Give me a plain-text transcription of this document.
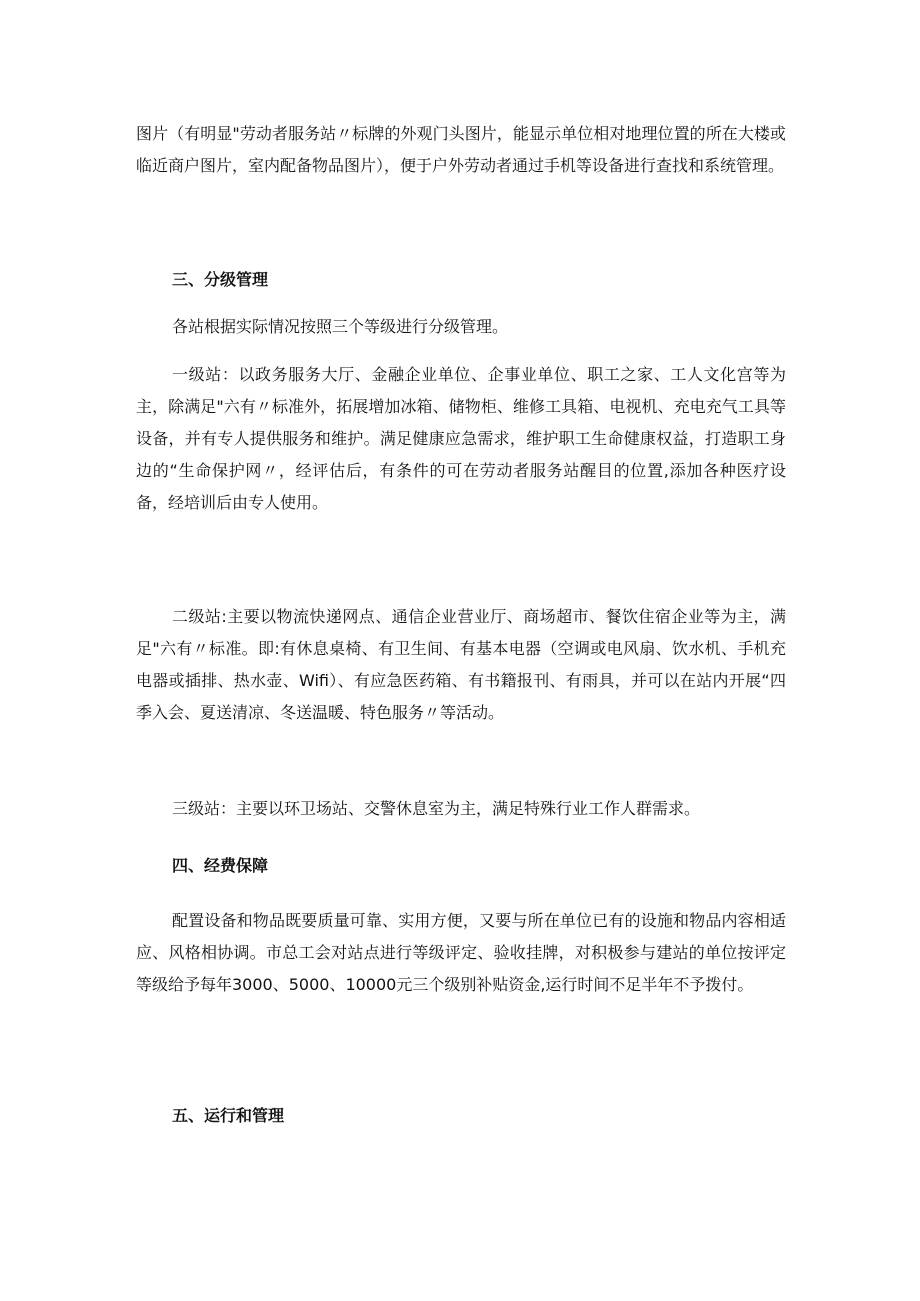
图片（有明显"劳动者服务站〃标牌的外观门头图片，能显示单位相对地理位置的所在大楼或临近商户图片，室内配备物品图片），便于户外劳动者通过手机等设备进行查找和系统管理。

三、分级管理

各站根据实际情况按照三个等级进行分级管理。

一级站：以政务服务大厅、金融企业单位、企事业单位、职工之家、工人文化宫等为主，除满足"六有〃标准外，拓展增加冰箱、储物柜、维修工具箱、电视机、充电充气工具等设备，并有专人提供服务和维护。满足健康应急需求，维护职工生命健康权益，打造职工身边的“生命保护网〃，经评估后，有条件的可在劳动者服务站醒目的位置,添加各种医疗设备，经培训后由专人使用。

二级站:主要以物流快递网点、通信企业营业厅、商场超市、餐饮住宿企业等为主，满足"六有〃标准。即:有休息桌椅、有卫生间、有基本电器（空调或电风扇、饮水机、手机充电器或插排、热水壶、Wifi）、有应急医药箱、有书籍报刊、有雨具，并可以在站内开展“四季入会、夏送清凉、冬送温暖、特色服务〃等活动。

三级站：主要以环卫场站、交警休息室为主，满足特殊行业工作人群需求。

四、经费保障

配置设备和物品既要质量可靠、实用方便，又要与所在单位已有的设施和物品内容相适应、风格相协调。市总工会对站点进行等级评定、验收挂牌，对积极参与建站的单位按评定等级给予每年3000、5000、10000元三个级别补贴资金,运行时间不足半年不予拨付。

五、运行和管理
